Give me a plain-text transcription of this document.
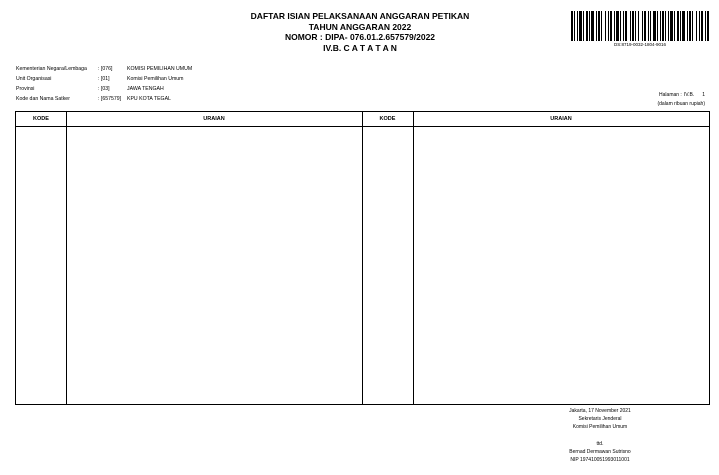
DAFTAR ISIAN PELAKSANAAN ANGGARAN PETIKAN
TAHUN ANGGARAN 2022
NOMOR : DIPA- 076.01.2.657579/2022
IV.B. C A T A T A N	DS:8719-0032-1804-9016
Kementerian Negara/Lembaga	: [076]	KOMISI PEMILIHAN UMUM
Unit Organisasi	: [01]	Komisi Pemilihan Umum
Provinsi	: [03]	JAWA TENGAH
Kode dan Nama Satker	: [657579]	KPU KOTA TEGAL
Halaman : IV.B. 1
(dalam ribuan rupiah)
KODE	URAIAN	KODE	URAIAN
Jakarta, 17 November 2021
Sekretaris Jenderal
Komisi Pemilihan Umum
ttd.
Bernad Dermawan Sutrisno
NIP 197410051993011001
